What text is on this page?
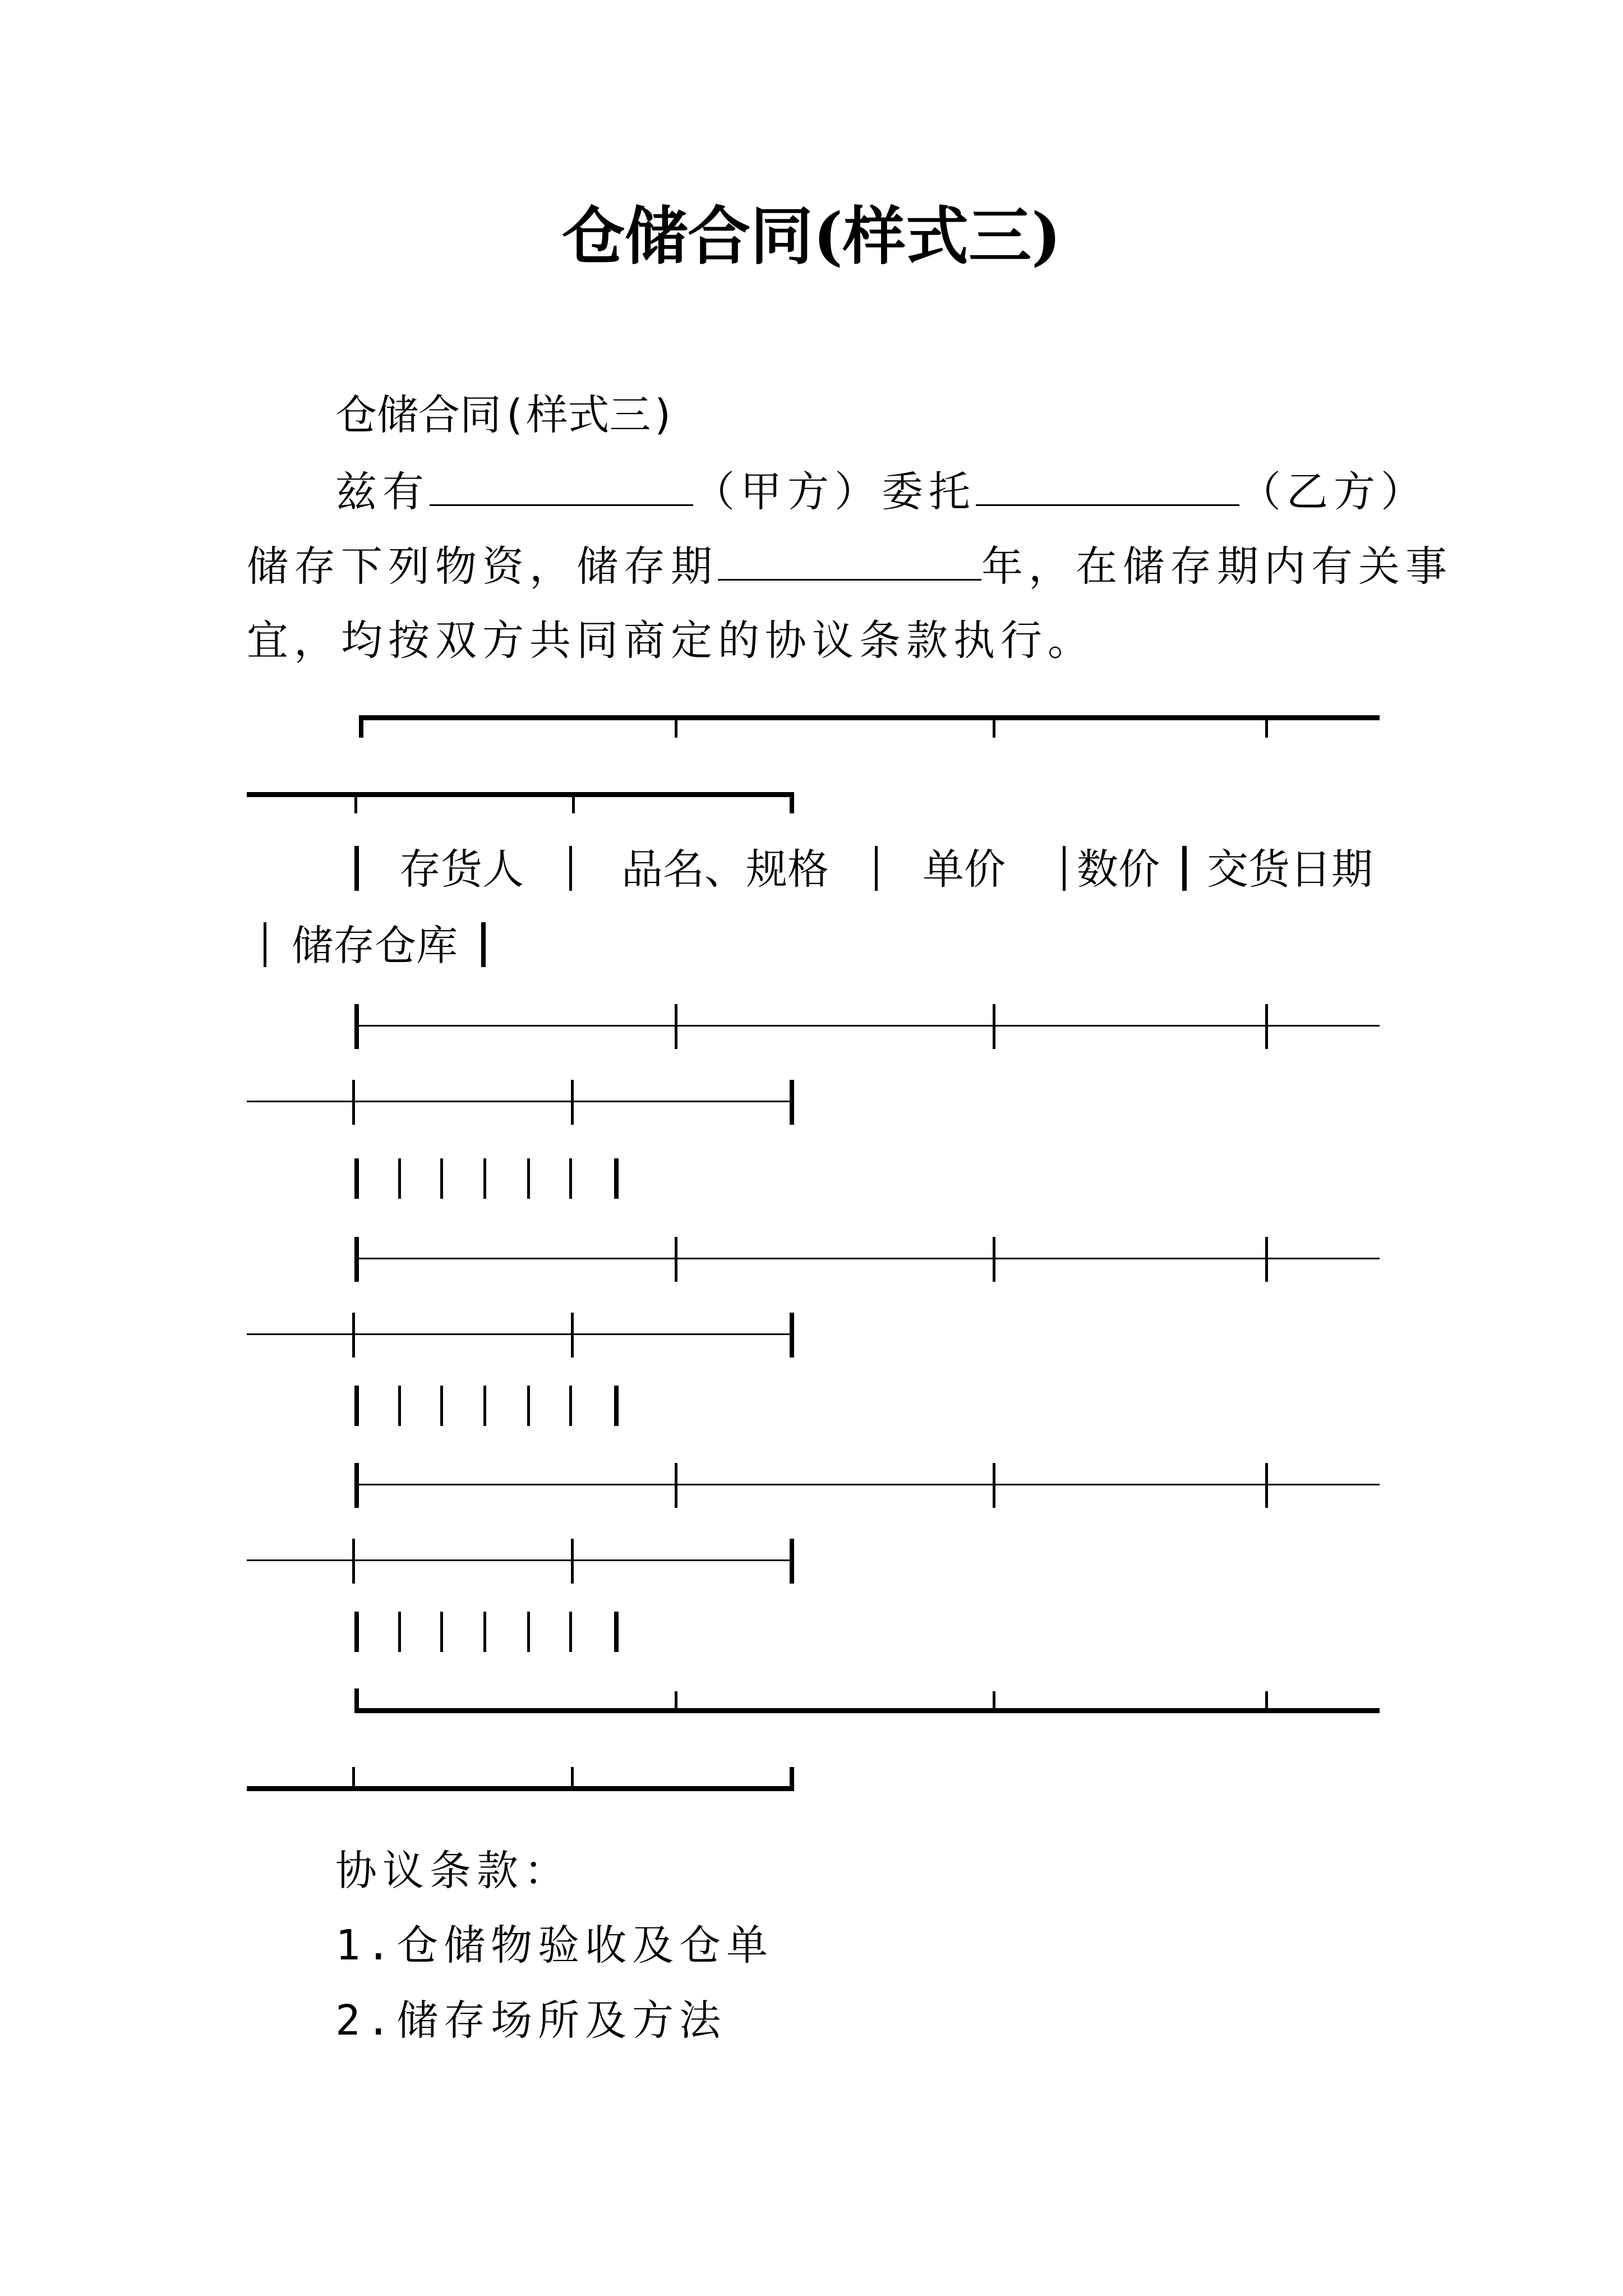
仓储合同(样式三)
仓储合同(样式三)
兹有	（甲方）委托	（乙方）
储存下列物资，储存期	年，在储存期内有关事
宜，均按双方共同商定的协议条款执行。
存货人 品名、规格 单价 数价 交货日期
储存仓库
协议条款：
1.仓储物验收及仓单
2.储存场所及方法
